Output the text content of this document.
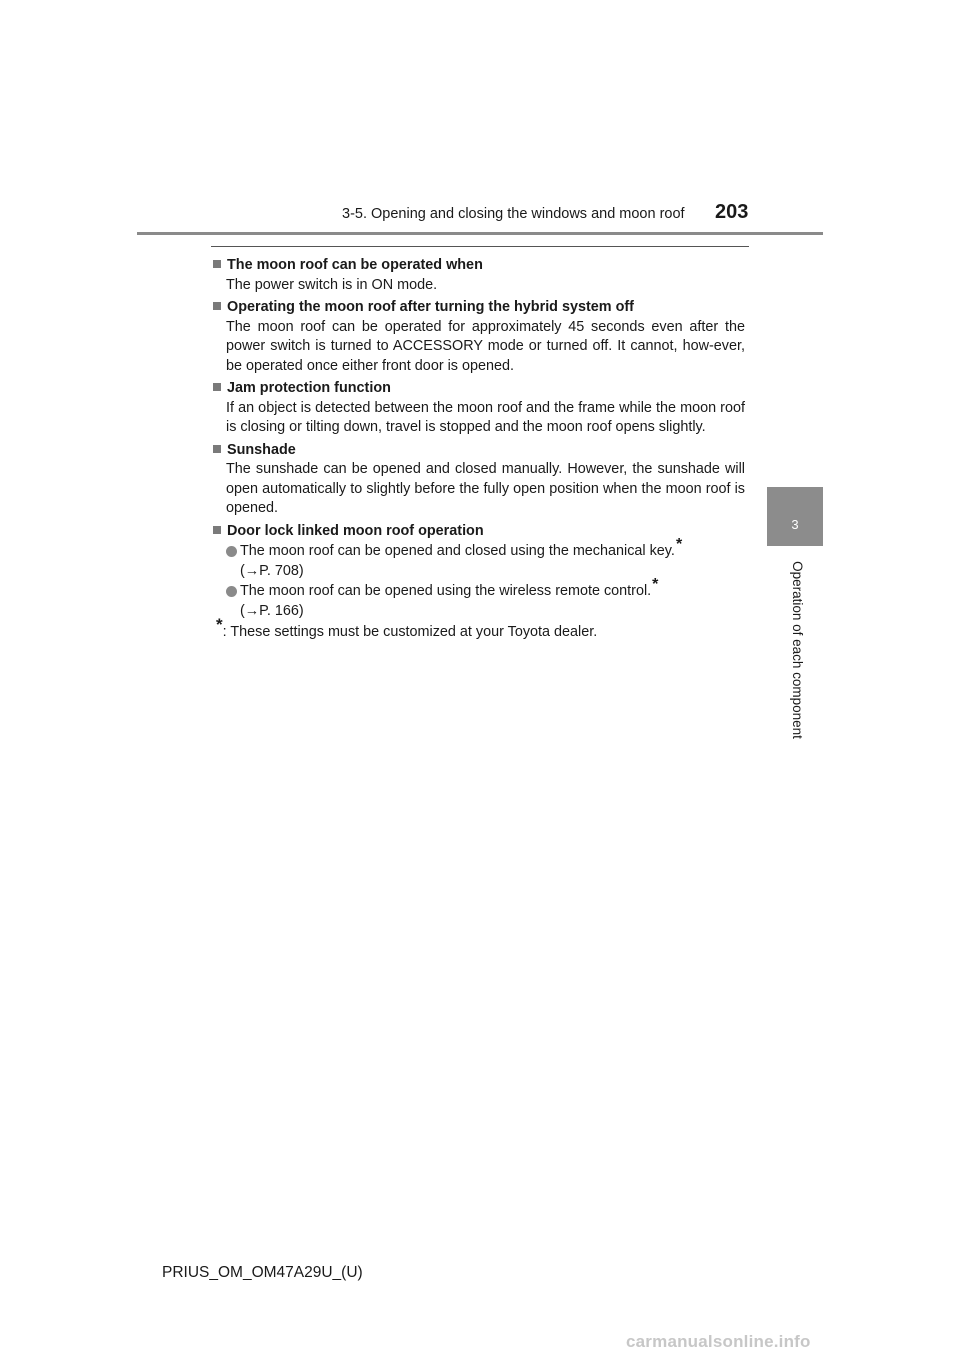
3-5. Opening and closing the windows and moon roof 203
3
Operation of each component
The moon roof can be operated when
The power switch is in ON mode.
Operating the moon roof after turning the hybrid system off
The moon roof can be operated for approximately 45 seconds even after the power switch is turned to ACCESSORY mode or turned off. It cannot, how-ever, be operated once either front door is opened.
Jam protection function
If an object is detected between the moon roof and the frame while the moon roof is closing or tilting down, travel is stopped and the moon roof opens slightly.
Sunshade
The sunshade can be opened and closed manually. However, the sunshade will open automatically to slightly before the fully open position when the moon roof is opened.
Door lock linked moon roof operation
The moon roof can be opened and closed using the mechanical key.*
(→P. 708)
The moon roof can be opened using the wireless remote control.*
(→P. 166)
*: These settings must be customized at your Toyota dealer.
PRIUS_OM_OM47A29U_(U)
carmanualsonline.info
